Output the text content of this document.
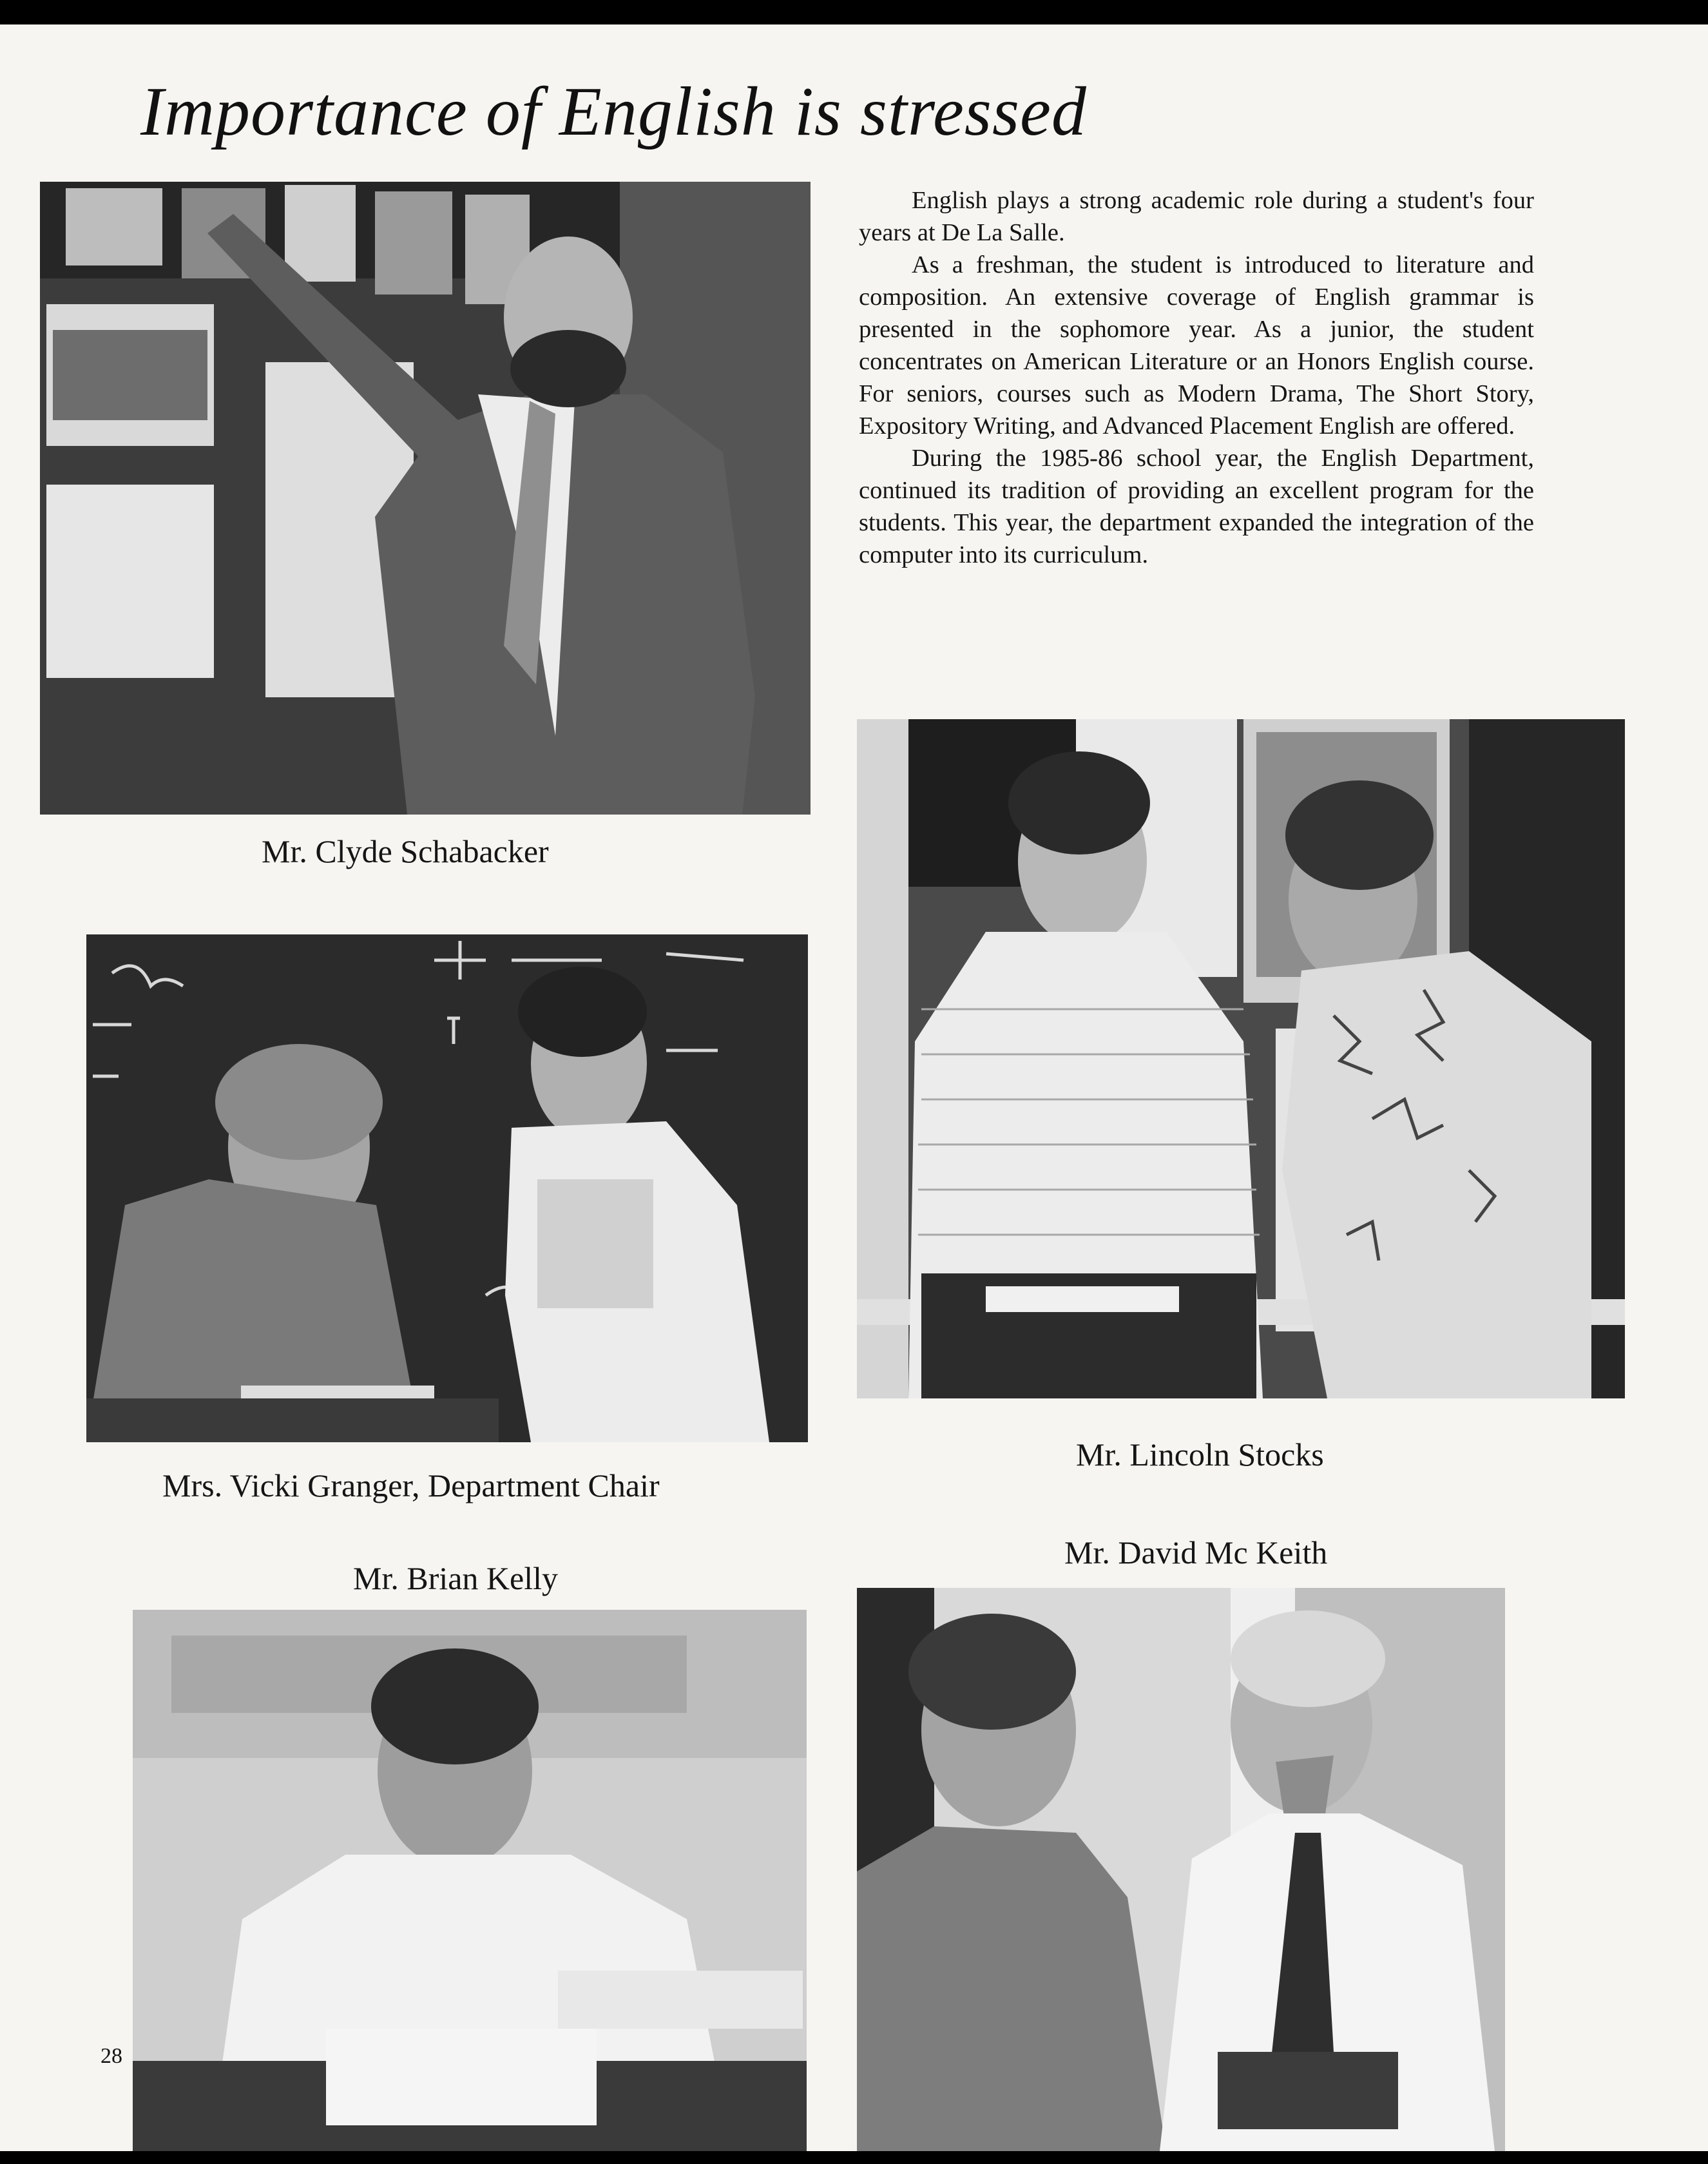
Importance of English is stressed
Mr. Clyde Schabacker

English plays a strong academic role during a student's four years at De La Salle.

As a freshman, the student is introduced to literature and composition. An extensive coverage of English grammar is presented in the sophomore year. As a junior, the student concentrates on American Literature or an Honors English course. For seniors, courses such as Modern Drama, The Short Story, Expository Writing, and Advanced Placement English are offered.

During the 1985-86 school year, the English Department, continued its tradition of providing an excellent program for the students. This year, the department expanded the integration of the computer into its curriculum.

Mrs. Vicki Granger, Department Chair
Mr. Lincoln Stocks
Mr. David Mc Keith
Mr. Brian Kelly
28
